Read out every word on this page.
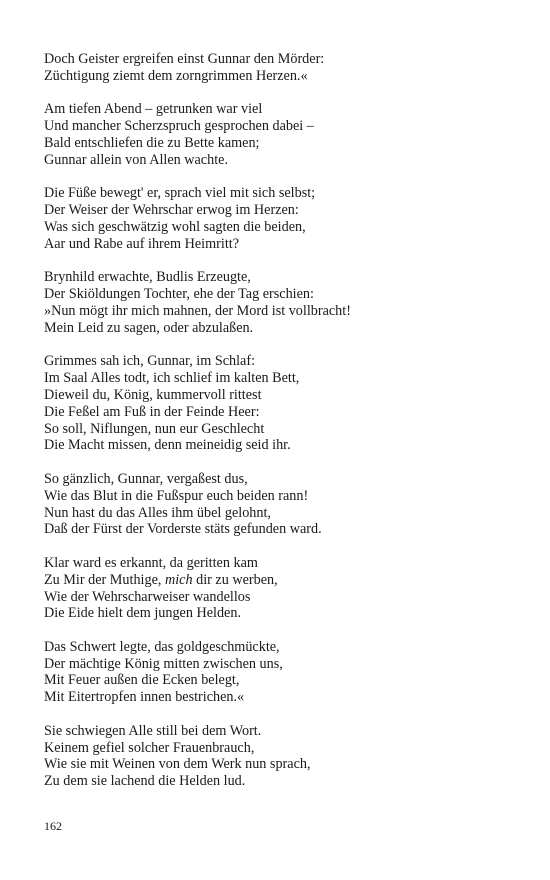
Doch Geister ergreifen einst Gunnar den Mörder:
Züchtigung ziemt dem zorngrimmen Herzen.«
Am tiefen Abend – getrunken war viel
Und mancher Scherzspruch gesprochen dabei –
Bald entschliefen die zu Bette kamen;
Gunnar allein von Allen wachte.
Die Füße bewegt' er, sprach viel mit sich selbst;
Der Weiser der Wehrschar erwog im Herzen:
Was sich geschwätzig wohl sagten die beiden,
Aar und Rabe auf ihrem Heimritt?
Brynhild erwachte, Budlis Erzeugte,
Der Skiöldungen Tochter, ehe der Tag erschien:
»Nun mögt ihr mich mahnen, der Mord ist vollbracht!
Mein Leid zu sagen, oder abzulaßen.
Grimmes sah ich, Gunnar, im Schlaf:
Im Saal Alles todt, ich schlief im kalten Bett,
Dieweil du, König, kummervoll rittest
Die Feßel am Fuß in der Feinde Heer:
So soll, Niflungen, nun eur Geschlecht
Die Macht missen, denn meineidig seid ihr.
So gänzlich, Gunnar, vergaßest dus,
Wie das Blut in die Fußspur euch beiden rann!
Nun hast du das Alles ihm übel gelohnt,
Daß der Fürst der Vorderste stäts gefunden ward.
Klar ward es erkannt, da geritten kam
Zu Mir der Muthige, mich dir zu werben,
Wie der Wehrscharweiser wandellos
Die Eide hielt dem jungen Helden.
Das Schwert legte, das goldgeschmückte,
Der mächtige König mitten zwischen uns,
Mit Feuer außen die Ecken belegt,
Mit Eitertropfen innen bestrichen.«
Sie schwiegen Alle still bei dem Wort.
Keinem gefiel solcher Frauenbrauch,
Wie sie mit Weinen von dem Werk nun sprach,
Zu dem sie lachend die Helden lud.
162
